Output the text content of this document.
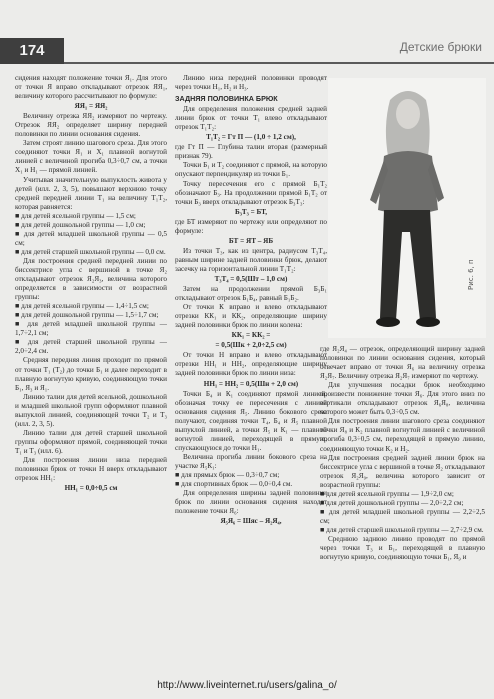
174	Детские брюки

сидения находят положение точки Я₁. Для этого от точки Я вправо откладывают отрезок ЯЯ₁, величину которого рассчитывают по формуле:

ЯЯ₁ = ЯЯ₂

Величину отрезка ЯЯ₂ измеряют по чертежу. Отрезок ЯЯ₂ определяет ширину передней половинки по линии основания сидения.

Затем строят линию шагового среза. Для этого соединяют точки Я₁ и Х₁ плавной вогнутой линией с величиной прогиба 0,3÷0,7 см, а точки Х₁ и Н₁ — прямой линией.

Учитывая значительную выпуклость живота у детей (илл. 2, 3, 5), повышают верхнюю точку средней передней линии Т₁ на величину Т₁Т₂, которая равняется:

■ для детей ясельной группы — 1,5 см;

■ для детей дошкольной группы — 1,0 см;

■ для детей младшей школьной группы — 0,5 см;

■ для детей старшей школьной группы — 0,0 см.

Для построения средней передней линии по биссектрисе угла с вершиной в точке Я₂ откладывают отрезок Я₂Я₃, величина которого определяется в зависимости от возрастной группы:

■ для детей ясельной группы — 1,4÷1,5 см;

■ для детей дошкольной группы — 1,5÷1,7 см;

■ для детей младшей школьной группы — 1,7÷2,1 см;

■ для детей старшей школьной группы — 2,0÷2,4 см.

Средняя передняя линия проходит по прямой от точки Т₁ (Т₂) до точки Б₁ и далее переходит в плавную вогнутую кривую, соединяющую точки Б₁, Я₃ и Я₁.

Линию талии для детей ясельной, дошкольной и младшей школьной групп оформляют плавной выпуклой линией, соединяющей точки Т₂ и Т₃ (илл. 2, 3, 5).

Линию талии для детей старшей школьной группы оформляют прямой, соединяющей точки Т₁ и Т₃ (илл. 6).

Для построения линии низа передней половинки брюк от точки Н вверх откладывают отрезок НН₁:

НН₁ = 0,0÷0,5 см

Линию низа передней половинки проводят через точки Н₁, Н₂ и Н₃.

ЗАДНЯЯ ПОЛОВИНКА БРЮК

Для определения положения средней задней линии брюк от точки Т₁ влево откладывают отрезок Т₁Т₂:

Т₁Т₂ = Гт П — (1,0 ÷ 1,2 см),

где Гт П — Глубина талии вторая (размерный признак 79).

Точки Б₁ и Т₂ соединяют с прямой, на которую опускают перпендикуляр из точки Б₁.

Точку пересечения его с прямой Б₁Т₂ обозначают Б₃. На продолжении прямой Б₁Т₂ от точки Б₃ вверх откладывают отрезок Б₃Т₃:

Б₃Т₃ = БТ,

где БТ измеряют по чертежу или определяют по формуле:

БТ = ЯТ – ЯБ

Из точки Т₃, как из центра, радиусом Т₃Т₄, равным ширине задней половинки брюк, делают засечку на горизонтальной линии Т₁Т₂:

Т₃Т₄ = 0,5(Шт – 1,0 см)

Затем на продолжении прямой Б₃Б₁ откладывают отрезок Б₁Б₄, равный Б₁Б₂.

От точки К вправо и влево откладывают отрезки КК₁ и КК₂, определяющие ширину задней половинки брюк по линии колена:

КК₁ = КК₂ =

= 0,5(Шк + 2,0÷2,5 см)

От точки Н вправо и влево откладывают отрезки НН₁ и НН₂, определяющие ширину задней половинки брюк по линии низа:

НН₁ = НН₂ = 0,5(Шн + 2,0 см)

Точки Б₄ и К₁ соединяют прямой линией, обозначая точку ее пересечения с линией основания сидения Я₅. Линию бокового среза получают, соединяя точки Т₄, Б₄ и Я₅ плавной выпуклой линией, а точки Я₅ и К₁ — плавной вогнутой линией, переходящей в прямую, спускающуюся до точки Н₁.

Величина прогиба линии бокового среза на участке Я₅К₁:

■ для прямых брюк — 0,3÷0,7 см;

■ для спортивных брюк — 0,0÷0,4 см.

Для определения ширины задней половинки брюк по линии основания сидения находят положение точки Я₆:

Я₅Я₆ = Шяс – Я₂Я₄,

Рис. 6, п

где Я₂Я₄ — отрезок, определяющий ширину задней половинки по линии основания сидения, который отвечает вправо от точки Я₆ на величину отрезка Я₂Я₇. Величину отрезка Я₂Я₇ измеряют по чертежу.

Для улучшения посадки брюк необходимо произвести понижение точки Я₆. Для этого вниз по вертикали откладывают отрезок Я₆Я₈, величина которого может быть 0,3÷0,5 см.

Для построения линии шагового среза соединяют точки Я₈ и К₂ плавной вогнутой линией с величиной прогиба 0,3÷0,5 см, переходящей в прямую линию, соединяющую точки К₂ и Н₂.

Для построения средней задней линии брюк на биссектрисе угла с вершиной в точке Я₂ откладывают отрезок Я₂Я₉, величина которого зависит от возрастной группы:

■ для детей ясельной группы — 1,9÷2,0 см;

■ для детей дошкольной группы — 2,0÷2,2 см;

■ для детей младшей школьной группы — 2,2÷2,5 см;

■ для детей старшей школьной группы — 2,7÷2,9 см.

Среднюю заднюю линию проводят по прямой через точки Т₃ и Б₁, переходящей в плавную вогнутую кривую, соединяющую точки Б₁, Я₉ и

http://www.liveinternet.ru/users/galina_o/
